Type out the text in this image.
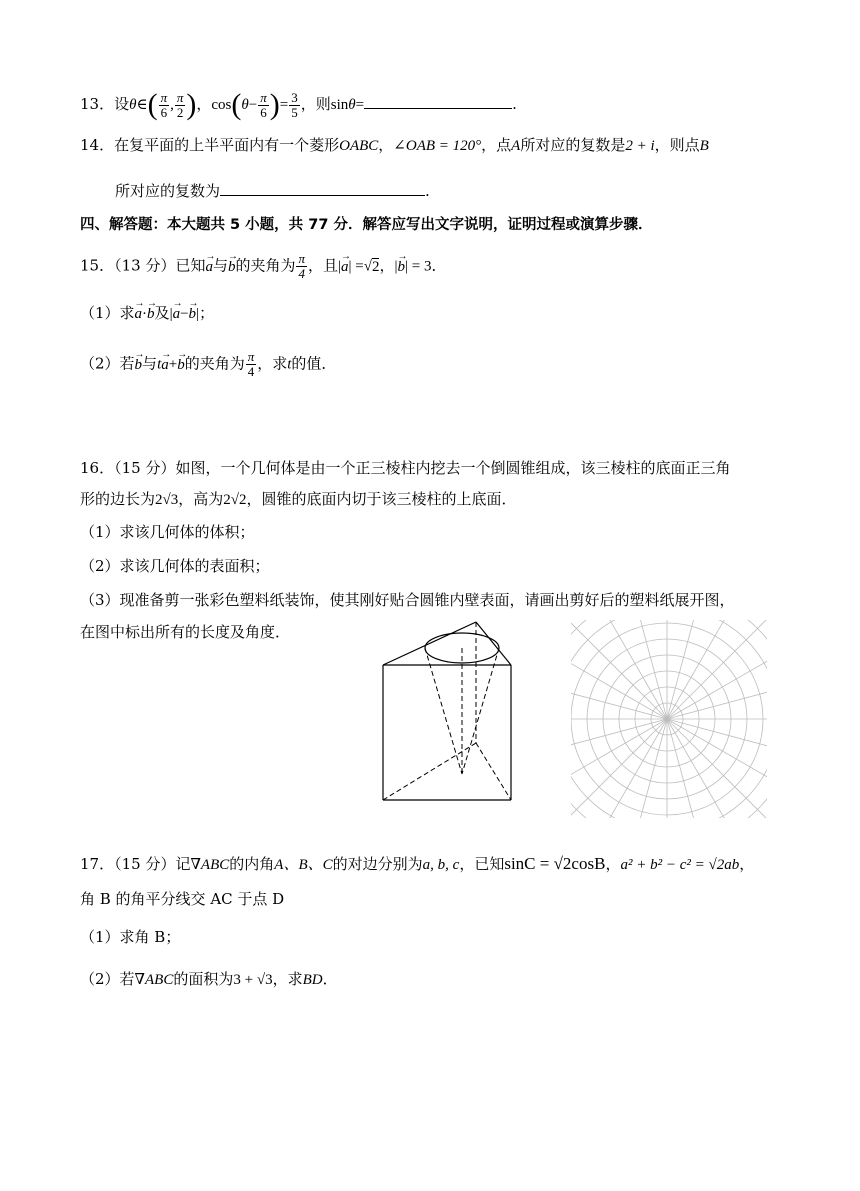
13．设θ∈( $\frac{\pi}{6}$ , $\frac{\pi}{2}$ )，$\cos(\theta- \frac{\pi}{6}$ )= $\frac{3}{5}$ ，则sinθ=	.
14．在复平面的上半平面内有一个菱形OABC，∠OAB = 120°，点A所对应的复数是2 + i，则点B
所对应的复数为	.
四、解答题：本大题共 5 小题，共 77 分．解答应写出文字说明，证明过程或演算步骤．
15．（13 分）已知→ a与→ b的夹角为 $\frac{\pi}{4}$ ，且|→ a| =√2，|→ b| = 3．
（1）求→ a·→ b及|→ a−→ b|；
（2）若→ b与t→ a+→ b的夹角为 $\frac{\pi}{4}$ ，求t的值．
16．（15 分）如图，一个几何体是由一个正三棱柱内挖去一个倒圆锥组成，该三棱柱的底面正三角
形的边长为2√3，高为2√2，圆锥的底面内切于该三棱柱的上底面．
（1）求该几何体的体积；
（2）求该几何体的表面积；
（3）现准备剪一张彩色塑料纸装饰，使其刚好贴合圆锥内壁表面，请画出剪好后的塑料纸展开图，
在图中标出所有的长度及角度．
17．（15 分）记∇ABC的内角A、B、C的对边分别为a, b, c，已知sinC = √2cosB，a² + b² − c² = √2ab，
角 B 的角平分线交 AC 于点 D
（1）求角 B；
（2）若∇ABC的面积为3 + √3，求BD．
